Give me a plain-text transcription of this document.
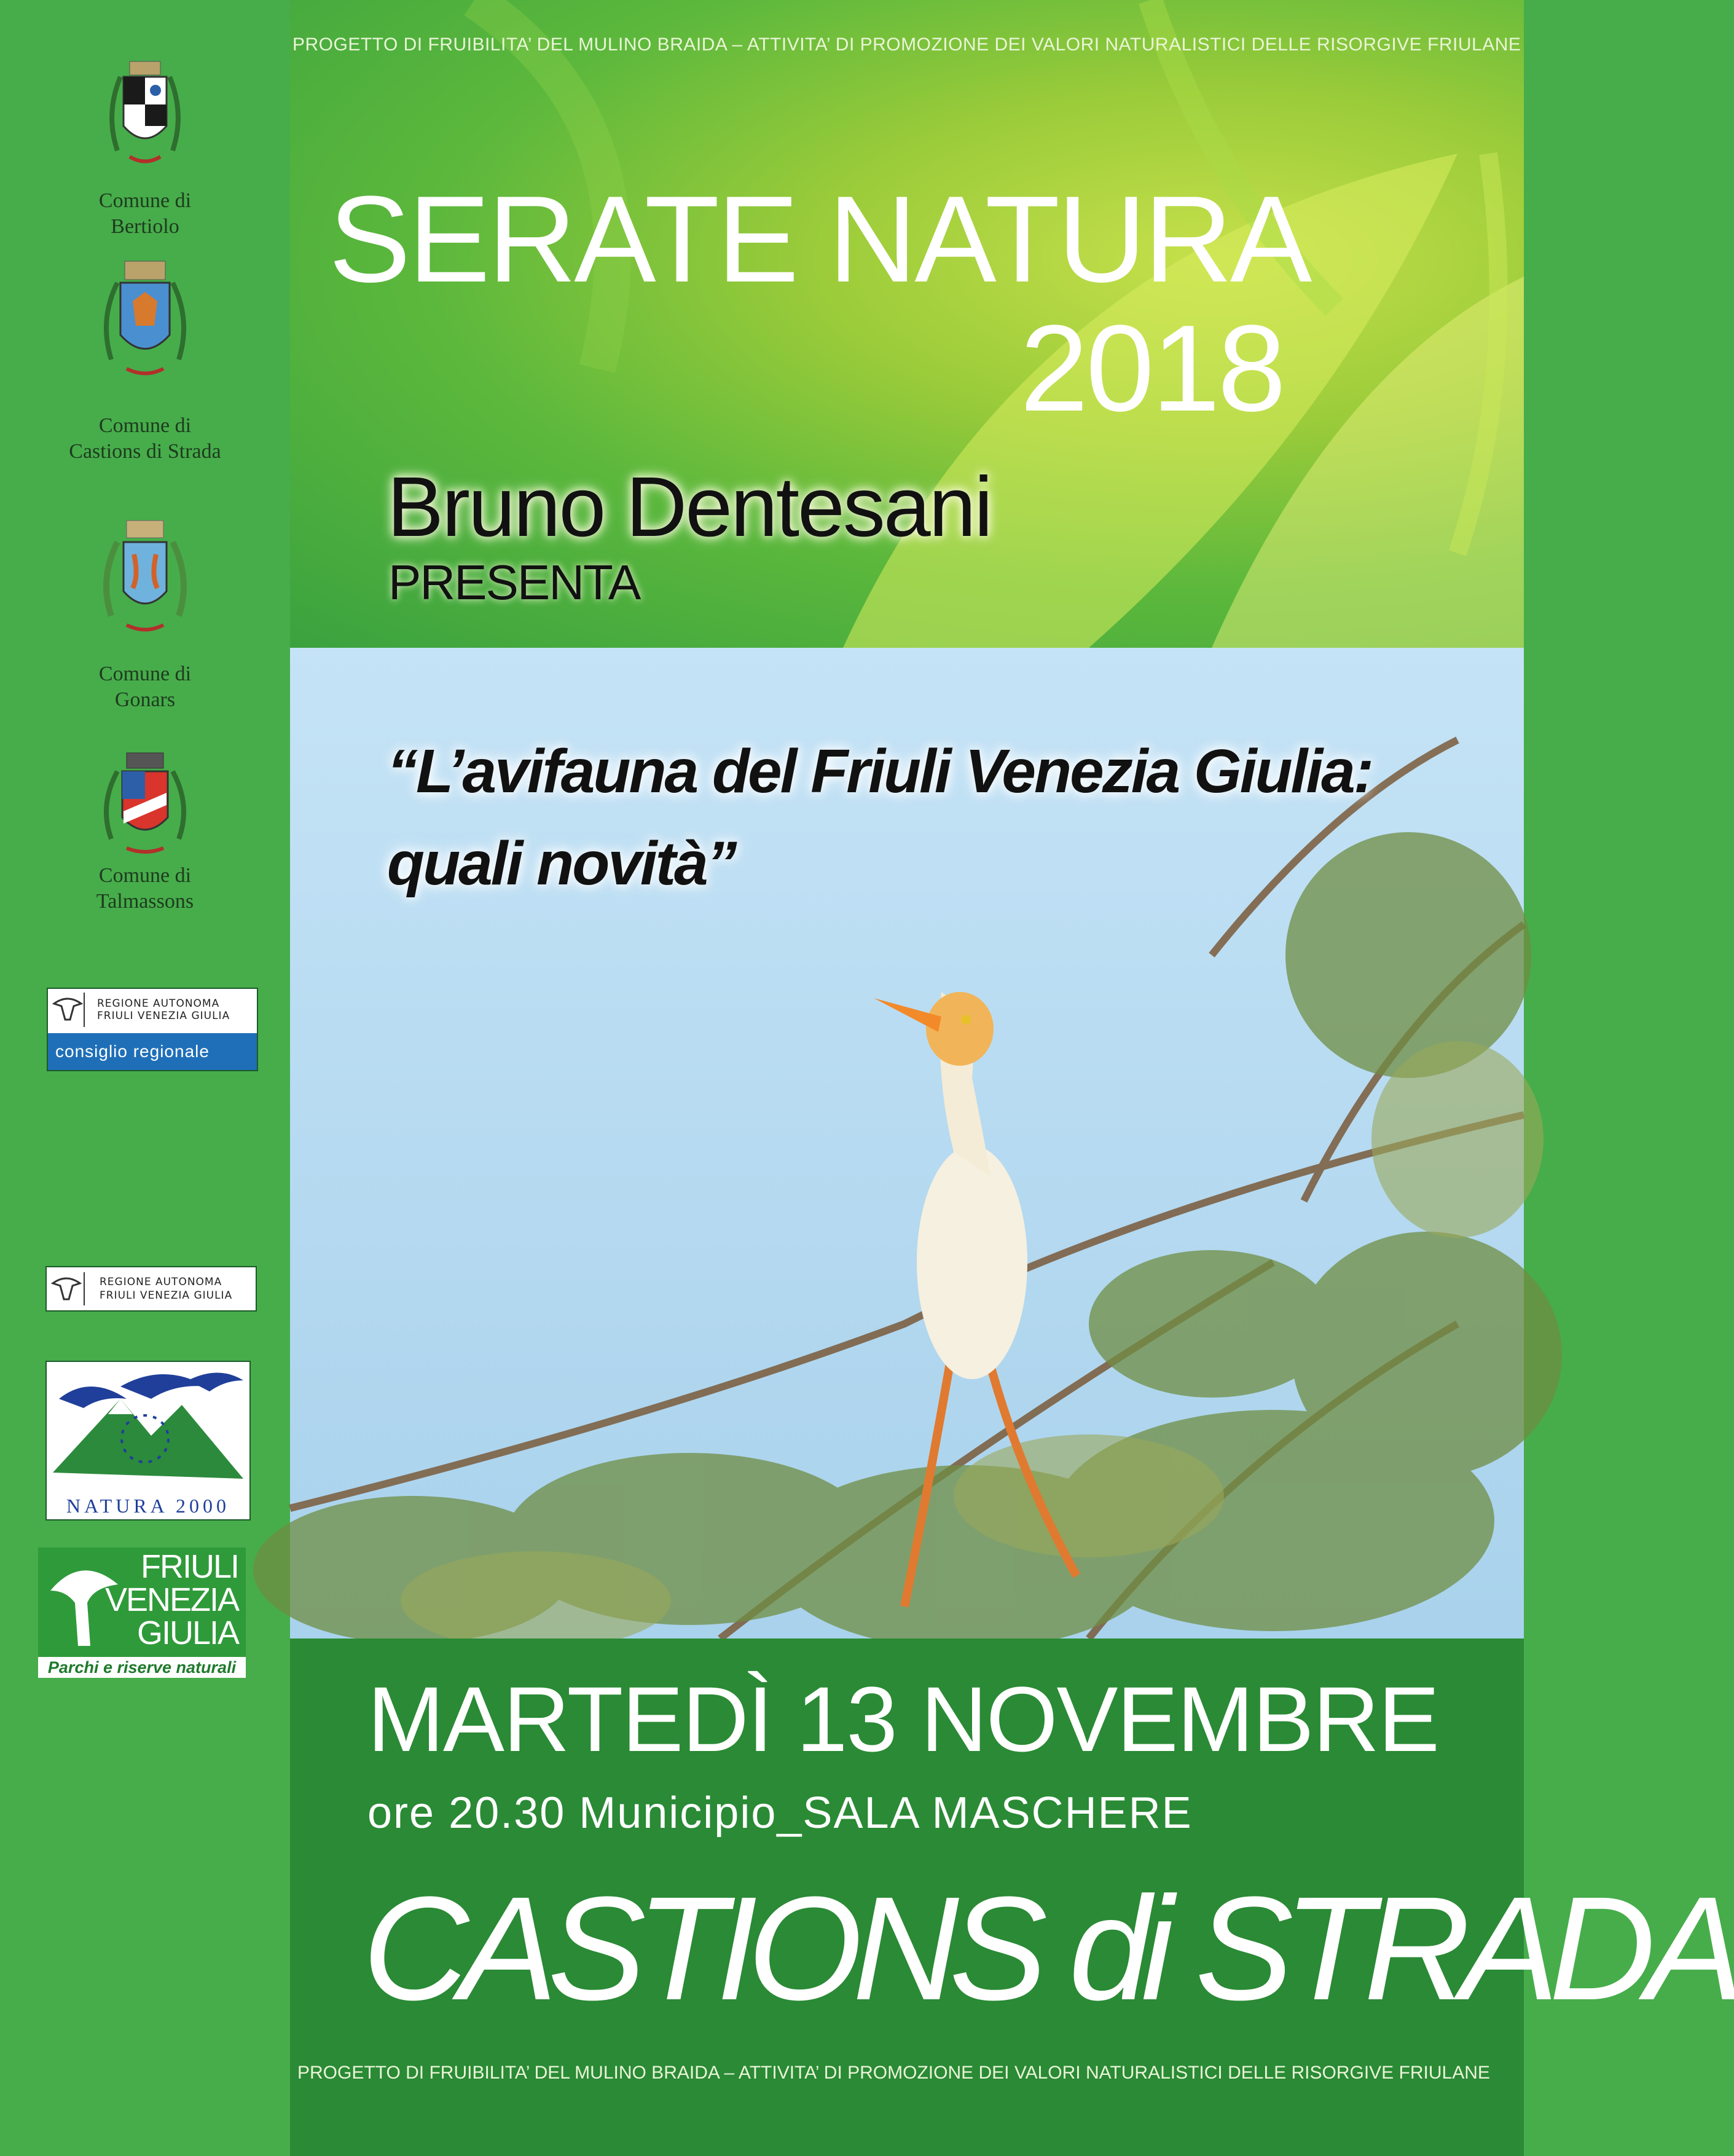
Comune di
Bertiolo
Comune di
Castions di Strada
Comune di
Gonars
Comune di
Talmassons
REGIONE AUTONOMA
FRIULI VENEZIA GIULIA
consiglio regionale
REGIONE AUTONOMA
FRIULI VENEZIA GIULIA
NATURA 2000
FRIULI
VENEZIA
GIULIA
Parchi e riserve naturali
PROGETTO DI FRUIBILITA’ DEL MULINO BRAIDA – ATTIVITA’ DI PROMOZIONE DEI VALORI NATURALISTICI DELLE RISORGIVE FRIULANE
SERATE NATURA
2018
Bruno Dentesani
PRESENTA
“L’avifauna del Friuli Venezia Giulia:
quali novità”
MARTEDÌ 13 NOVEMBRE
ore 20.30 Municipio_SALA MASCHERE
CASTIONS di STRADA
PROGETTO DI FRUIBILITA’ DEL MULINO BRAIDA – ATTIVITA’ DI PROMOZIONE DEI VALORI NATURALISTICI DELLE RISORGIVE FRIULANE
